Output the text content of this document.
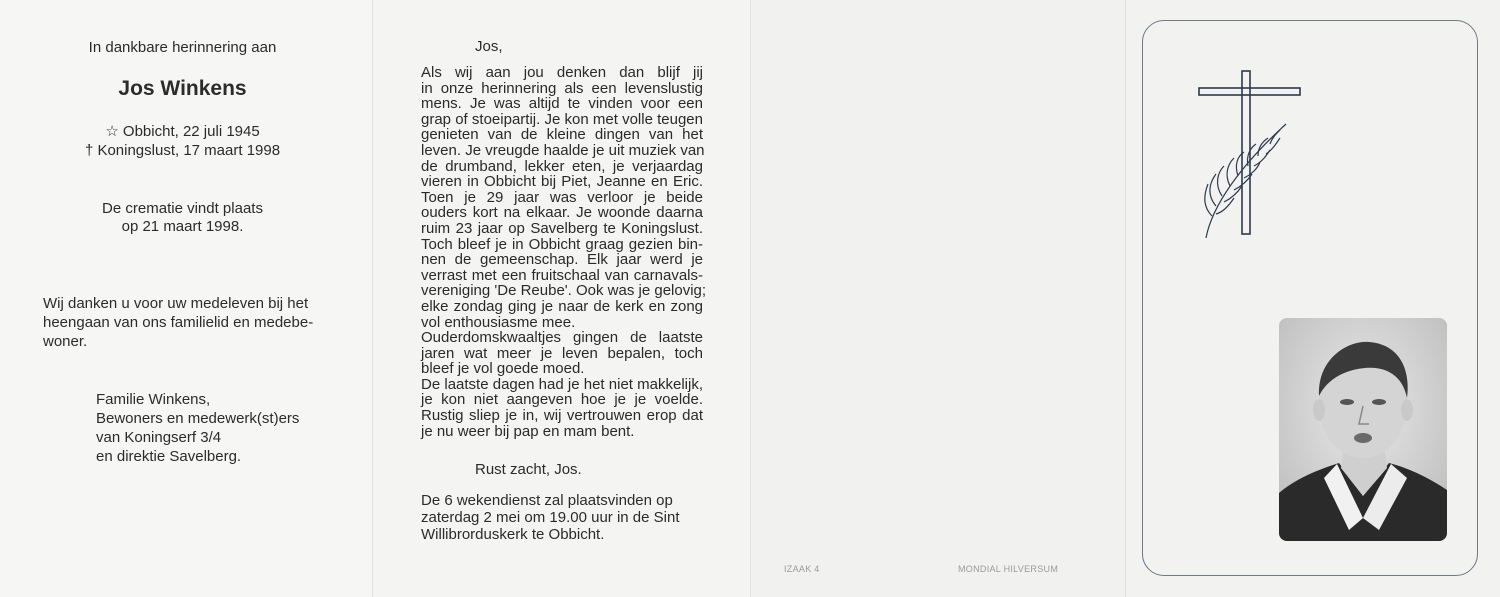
In dankbare herinnering aan
Jos Winkens
☆ Obbicht, 22 juli 1945
† Koningslust, 17 maart 1998
De crematie vindt plaats
op 21 maart 1998.
Wij danken u voor uw medeleven bij het
heengaan van ons familielid en medebe-
woner.
Familie Winkens,
Bewoners en medewerk(st)ers
van Koningserf 3/4
en direktie Savelberg.
Jos,
Als wij aan jou denken dan blijf jij
in onze herinnering als een levenslustig
mens. Je was altijd te vinden voor een
grap of stoeipartij. Je kon met volle teugen
genieten van de kleine dingen van het
leven. Je vreugde haalde je uit muziek van
de drumband, lekker eten, je verjaardag
vieren in Obbicht bij Piet, Jeanne en Eric.
Toen je 29 jaar was verloor je beide
ouders kort na elkaar. Je woonde daarna
ruim 23 jaar op Savelberg te Koningslust.
Toch bleef je in Obbicht graag gezien bin-
nen de gemeenschap. Elk jaar werd je
verrast met een fruitschaal van carnavals-
vereniging 'De Reube'. Ook was je gelovig;
elke zondag ging je naar de kerk en zong
vol enthousiasme mee.
Ouderdomskwaaltjes gingen de laatste
jaren wat meer je leven bepalen, toch
bleef je vol goede moed.
De laatste dagen had je het niet makkelijk,
je kon niet aangeven hoe je je voelde.
Rustig sliep je in, wij vertrouwen erop dat
je nu weer bij pap en mam bent.
Rust zacht, Jos.
De 6 wekendienst zal plaatsvinden op
zaterdag 2 mei om 19.00 uur in de Sint
Willibrorduskerk te Obbicht.
IZAAK 4	MONDIAL HILVERSUM
